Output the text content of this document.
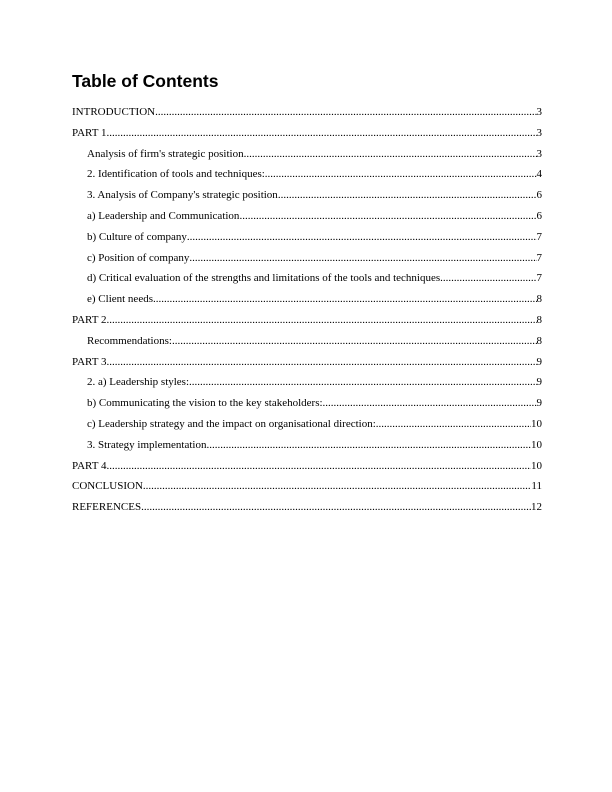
Table of Contents
INTRODUCTION .....	3
PART 1 .....	3
Analysis of firm's strategic position .....	3
2. Identification of tools and techniques: .....	4
3. Analysis of Company's strategic position .....	6
a) Leadership and Communication .....	6
b) Culture of company .....	7
c) Position of company .....	7
d) Critical evaluation of the strengths and limitations of the tools and techniques .....	7
e) Client needs .....	8
PART 2 .....	8
Recommendations: .....	8
PART 3 .....	9
2. a) Leadership styles: .....	9
b) Communicating the vision to the key stakeholders: .....	9
c) Leadership strategy and the impact on organisational direction: .....	10
3. Strategy implementation .....	10
PART 4 .....	10
CONCLUSION .....	11
REFERENCES .....	12
